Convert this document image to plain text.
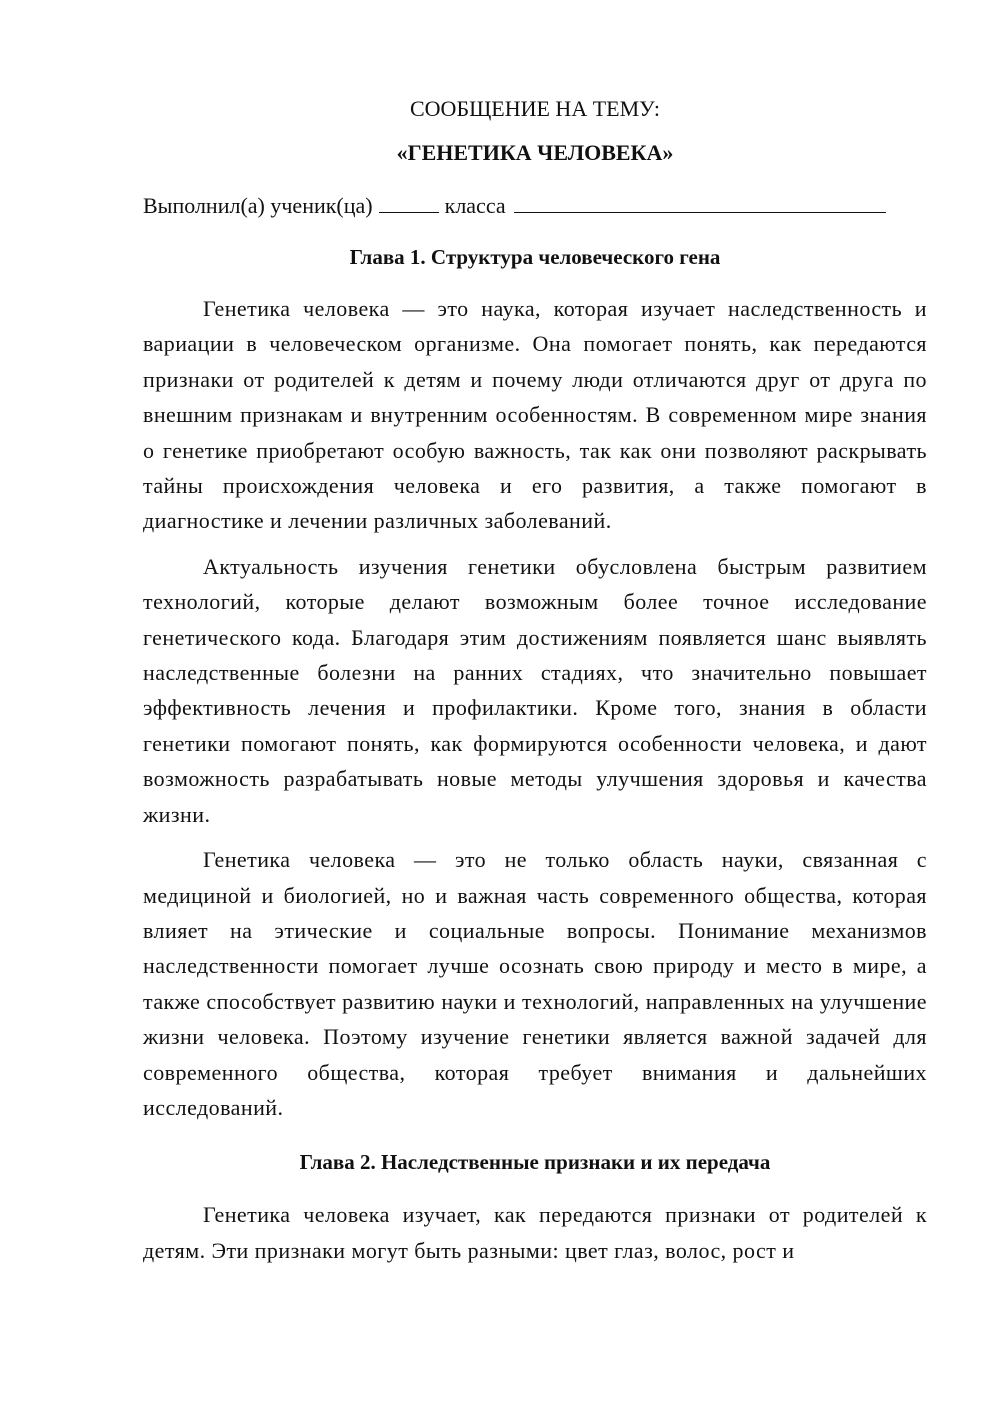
СООБЩЕНИЕ НА ТЕМУ:

«ГЕНЕТИКА ЧЕЛОВЕКА»

Выполнил(а) ученик(ца)	класса
Глава 1. Структура человеческого гена

Генетика человека — это наука, которая изучает наследственность и вариации в человеческом организме. Она помогает понять, как передаются признаки от родителей к детям и почему люди отличаются друг от друга по внешним признакам и внутренним особенностям. В современном мире знания о генетике приобретают особую важность, так как они позволяют раскрывать тайны происхождения человека и его развития, а также помогают в диагностике и лечении различных заболеваний.

Актуальность изучения генетики обусловлена быстрым развитием технологий, которые делают возможным более точное исследование генетического кода. Благодаря этим достижениям появляется шанс выявлять наследственные болезни на ранних стадиях, что значительно повышает эффективность лечения и профилактики. Кроме того, знания в области генетики помогают понять, как формируются особенности человека, и дают возможность разрабатывать новые методы улучшения здоровья и качества жизни.

Генетика человека — это не только область науки, связанная с медициной и биологией, но и важная часть современного общества, которая влияет на этические и социальные вопросы. Понимание механизмов наследственности помогает лучше осознать свою природу и место в мире, а также способствует развитию науки и технологий, направленных на улучшение жизни человека. Поэтому изучение генетики является важной задачей для современного общества, которая требует внимания и дальнейших исследований.

Глава 2. Наследственные признаки и их передача

Генетика человека изучает, как передаются признаки от родителей к детям. Эти признаки могут быть разными: цвет глаз, волос, рост и
